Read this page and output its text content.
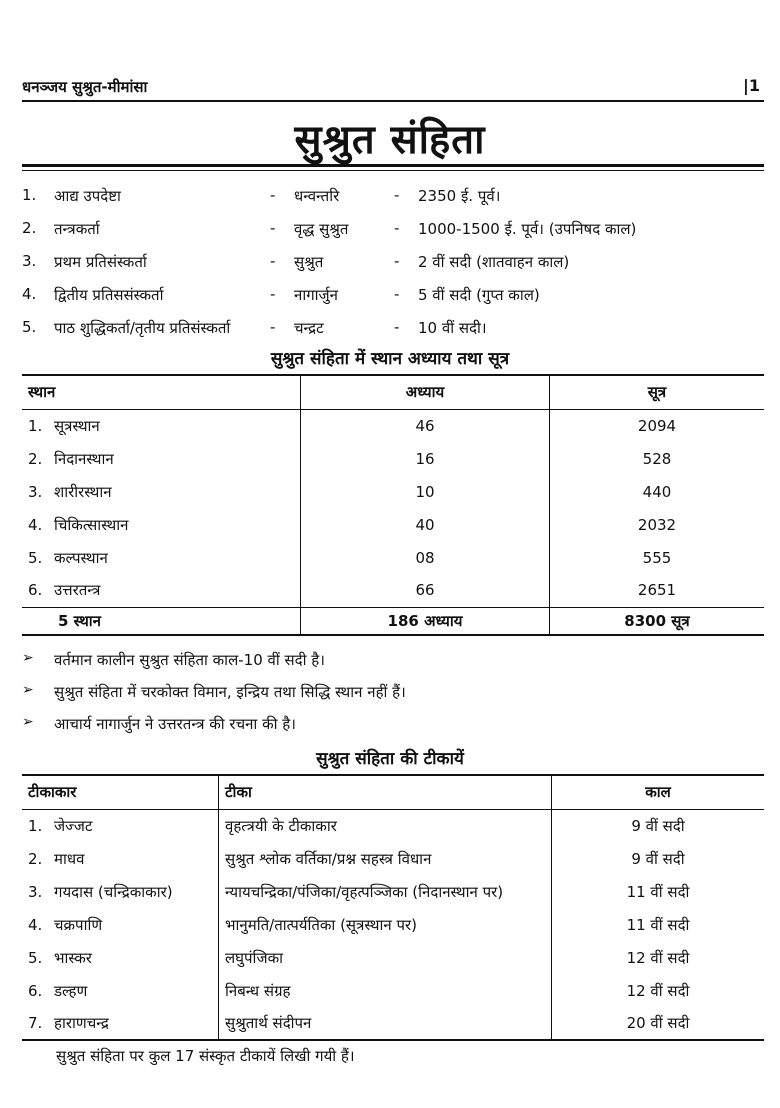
धनञ्जय सुश्रुत-मीमांसा	|1
सुश्रुत संहिता
1. आद्य उपदेष्टा	- धन्वन्तरि	- 2350 ई. पूर्व।
2. तन्त्रकर्ता	- वृद्ध सुश्रुत	- 1000-1500 ई. पूर्व। (उपनिषद काल)
3. प्रथम प्रतिसंस्कर्ता	- सुश्रुत	- 2 वीं सदी (शातवाहन काल)
4. द्वितीय प्रतिससंस्कर्ता	- नागार्जुन	- 5 वीं सदी (गुप्त काल)
5. पाठ शुद्धिकर्ता/तृतीय प्रतिसंस्कर्ता	- चन्द्रट	- 10 वीं सदी।
सुश्रुत संहिता में स्थान अध्याय तथा सूत्र
स्थान	अध्याय	सूत्र
1. सूत्रस्थान	46	2094
2. निदानस्थान	16	528
3. शारीरस्थान	10	440
4. चिकित्सास्थान	40	2032
5. कल्पस्थान	08	555
6. उत्तरतन्त्र	66	2651
5 स्थान	186 अध्याय	8300 सूत्र
➢ वर्तमान कालीन सुश्रुत संहिता काल-10 वीं सदी है।
➢ सुश्रुत संहिता में चरकोक्त विमान, इन्द्रिय तथा सिद्धि स्थान नहीं हैं।
➢ आचार्य नागार्जुन ने उत्तरतन्त्र की रचना की है।
सुश्रुत संहिता की टीकायें
टीकाकार	टीका	काल
1. जेज्जट	वृहत्त्रयी के टीकाकार	9 वीं सदी
2. माधव	सुश्रुत श्लोक वर्तिका/प्रश्न सहस्त्र विधान	9 वीं सदी
3. गयदास (चन्द्रिकाकार)	न्यायचन्द्रिका/पंजिका/वृहत्पञ्जिका (निदानस्थान पर)	11 वीं सदी
4. चक्रपाणि	भानुमति/तात्पर्यतिका (सूत्रस्थान पर)	11 वीं सदी
5. भास्कर	लघुपंजिका	12 वीं सदी
6. डल्हण	निबन्ध संग्रह	12 वीं सदी
7. हाराणचन्द्र	सुश्रुतार्थ संदीपन	20 वीं सदी
सुश्रुत संहिता पर कुल 17 संस्कृत टीकायें लिखी गयी हैं।
